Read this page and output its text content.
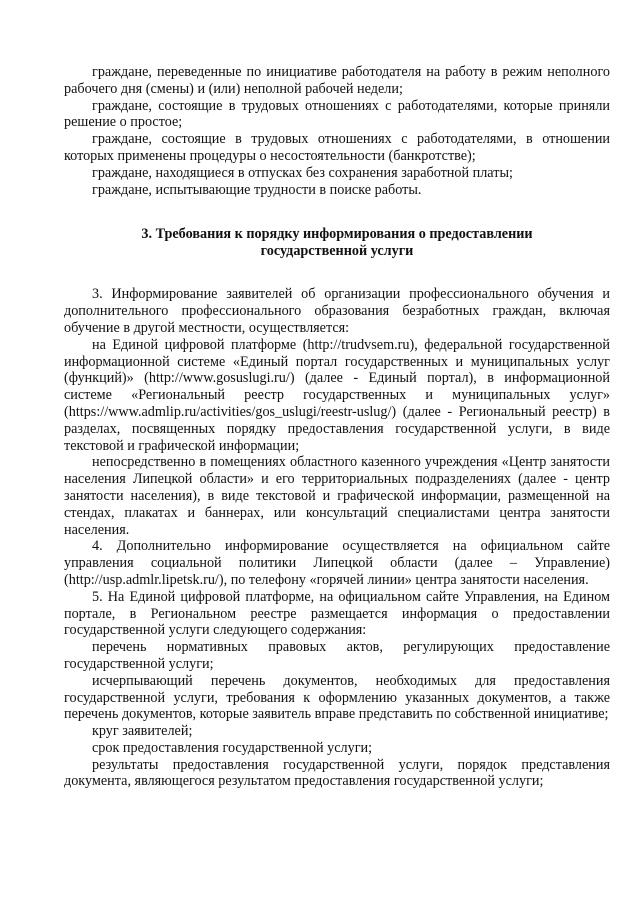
граждане, переведенные по инициативе работодателя на работу в режим неполного рабочего дня (смены) и (или) неполной рабочей недели;

граждане, состоящие в трудовых отношениях с работодателями, которые приняли решение о простое;

граждане, состоящие в трудовых отношениях с работодателями, в отношении которых применены процедуры о несостоятельности (банкротстве);

граждане, находящиеся в отпусках без сохранения заработной платы;

граждане, испытывающие трудности в поиске работы.

3. Требования к порядку информирования о предоставлении
государственной услуги

3. Информирование заявителей об организации профессионального обучения и дополнительного профессионального образования безработных граждан, включая обучение в другой местности, осуществляется:

на Единой цифровой платформе (http://trudvsem.ru), федеральной государственной информационной системе «Единый портал государственных и муниципальных услуг (функций)» (http://www.gosuslugi.ru/) (далее - Единый портал), в информационной системе «Региональный реестр государственных и муниципальных услуг» (https://www.admlip.ru/activities/gos_uslugi/reestr-uslug/) (далее - Региональный реестр) в разделах, посвященных порядку предоставления государственной услуги, в виде текстовой и графической информации;

непосредственно в помещениях областного казенного учреждения «Центр занятости населения Липецкой области» и его территориальных подразделениях (далее - центр занятости населения), в виде текстовой и графической информации, размещенной на стендах, плакатах и баннерах, или консультаций специалистами центра занятости населения.

4. Дополнительно информирование осуществляется на официальном сайте управления социальной политики Липецкой области (далее – Управление) (http://usp.admlr.lipetsk.ru/), по телефону «горячей линии» центра занятости населения.

5. На Единой цифровой платформе, на официальном сайте Управления, на Едином портале, в Региональном реестре размещается информация о предоставлении государственной услуги следующего содержания:

перечень нормативных правовых актов, регулирующих предоставление государственной услуги;

исчерпывающий перечень документов, необходимых для предоставления государственной услуги, требования к оформлению указанных документов, а также перечень документов, которые заявитель вправе представить по собственной инициативе;

круг заявителей;

срок предоставления государственной услуги;

результаты предоставления государственной услуги, порядок представления документа, являющегося результатом предоставления государственной услуги;
